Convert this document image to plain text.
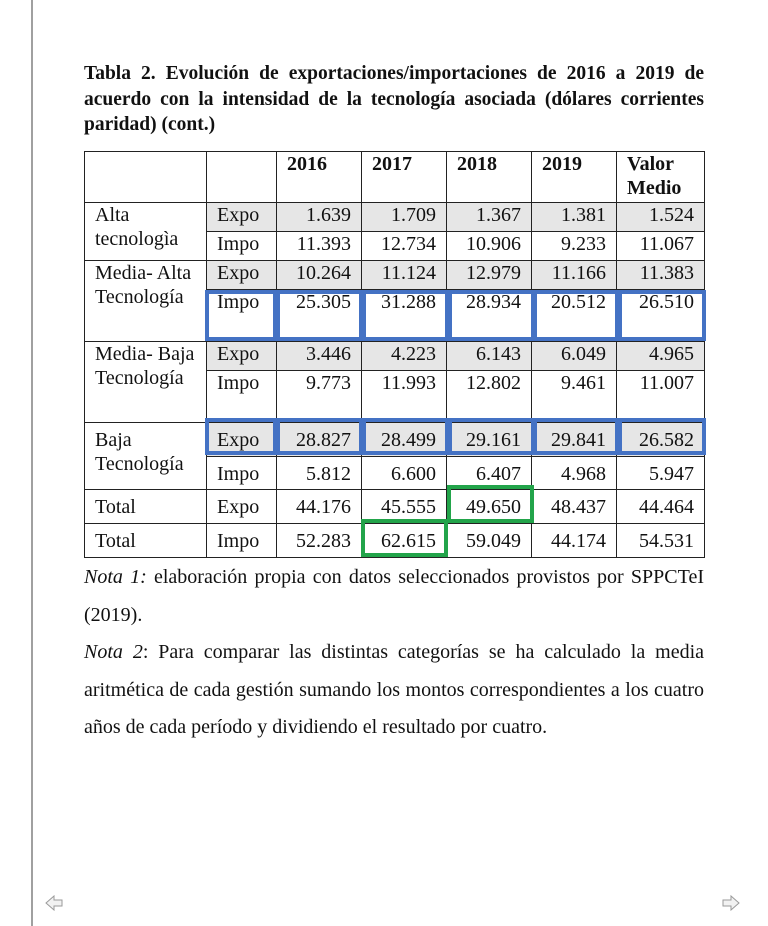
Tabla 2. Evolución de exportaciones/importaciones de 2016 a 2019 de acuerdo con la intensidad de la tecnología asociada (dólares corrientes paridad) (cont.)
		2016	2017	2018	2019	Valor Medio
Alta tecnologìa	Expo	1.639	1.709	1.367	1.381	1.524
	Impo	11.393	12.734	10.906	9.233	11.067
Media- Alta Tecnología	Expo	10.264	11.124	12.979	11.166	11.383
	Impo	25.305	31.288	28.934	20.512	26.510
Media- Baja Tecnología	Expo	3.446	4.223	6.143	6.049	4.965
	Impo	9.773	11.993	12.802	9.461	11.007
Baja Tecnología	Expo	28.827	28.499	29.161	29.841	26.582
	Impo	5.812	6.600	6.407	4.968	5.947
Total	Expo	44.176	45.555	49.650	48.437	44.464
Total	Impo	52.283	62.615	59.049	44.174	54.531

Nota 1: elaboración propia con datos seleccionados provistos por SPPCTeI (2019).

Nota 2: Para comparar las distintas categorías se ha calculado la media aritmética de cada gestión sumando los montos correspondientes a los cuatro años de cada período y dividiendo el resultado por cuatro.
